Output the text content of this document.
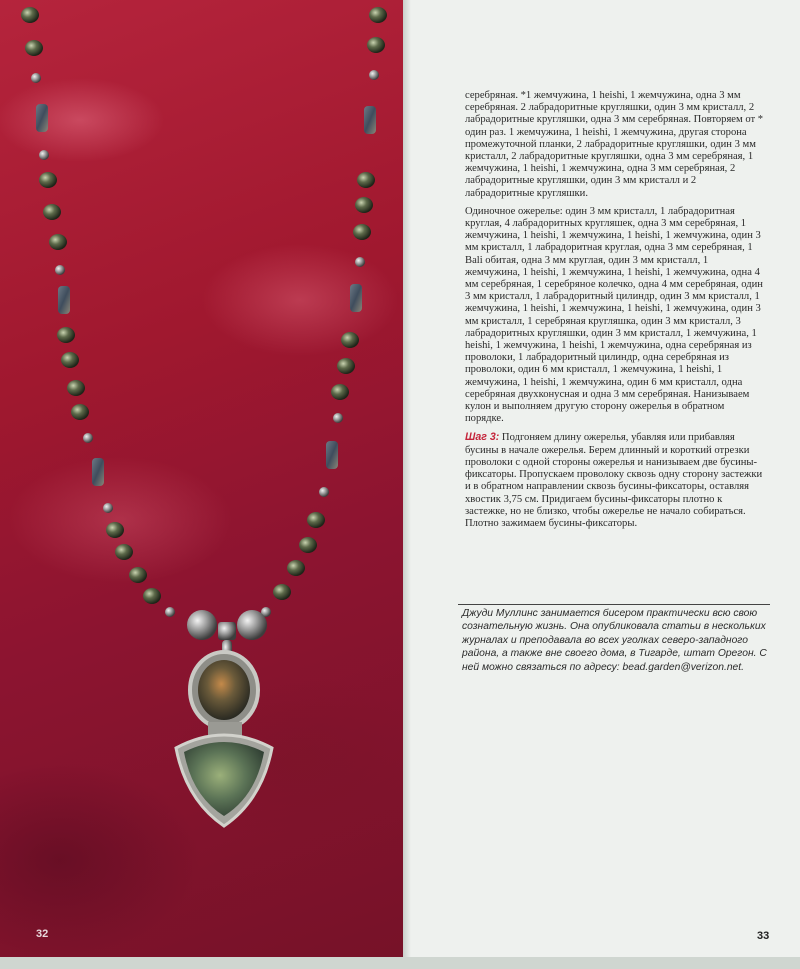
32

серебряная. *1 жемчужина, 1 heishi, 1 жемчужина, одна 3 мм серебряная. 2 лабрадоритные кругляшки, один 3 мм кристалл, 2 лабрадоритные кругляшки, одна 3 мм серебряная. Повторяем от * один раз. 1 жемчужина, 1 heishi, 1 жемчужина, другая сторона промежуточной планки, 2 лабрадоритные кругляшки, один 3 мм кристалл, 2 лабрадоритные кругляшки, одна 3 мм серебряная, 1 жемчужина, 1 heishi, 1 жемчужина, одна 3 мм серебряная, 2 лабрадоритные кругляшки, один 3 мм кристалл и 2 лабрадоритные кругляшки.

Одиночное ожерелье: один 3 мм кристалл, 1 лабрадоритная круглая, 4 лабрадоритных кругляшек, одна 3 мм серебряная, 1 жемчужина, 1 heishi, 1 жемчужина, 1 heishi, 1 жемчужина, один 3 мм кристалл, 1 лабрадоритная круглая, одна 3 мм серебряная, 1 Bali обитая, одна 3 мм круглая, один 3 мм кристалл, 1 жемчужина, 1 heishi, 1 жемчужина, 1 heishi, 1 жемчужина, одна 4 мм серебряная, 1 серебряное колечко, одна 4 мм серебряная, один 3 мм кристалл, 1 лабрадоритный цилиндр, один 3 мм кристалл, 1 жемчужина, 1 heishi, 1 жемчужина, 1 heishi, 1 жемчужина, один 3 мм кристалл, 1 серебряная кругляшка, один 3 мм кристалл, 3 лабрадоритных кругляшки, один 3 мм кристалл, 1 жемчужина, 1 heishi, 1 жемчужина, 1 heishi, 1 жемчужина, одна серебряная из проволоки, 1 лабрадоритный цилиндр, одна серебряная из проволоки, один 6 мм кристалл, 1 жемчужина, 1 heishi, 1 жемчужина, 1 heishi, 1 жемчужина, один 6 мм кристалл, одна серебряная двухконусная и одна 3 мм серебряная. Нанизываем кулон и выполняем другую сторону ожерелья в обратном порядке.

Шаг 3: Подгоняем длину ожерелья, убавляя или прибавляя бусины в начале ожерелья. Берем длинный и короткий отрезки проволоки с одной стороны ожерелья и нанизываем две бусины-фиксаторы. Пропускаем проволоку сквозь одну сторону застежки и в обратном направлении сквозь бусины-фиксаторы, оставляя хвостик 3,75 см. Придигаем бусины-фиксаторы плотно к застежке, но не близко, чтобы ожерелье не начало собираться. Плотно зажимаем бусины-фиксаторы.

Джуди Муллинс занимается бисером практически всю свою сознательную жизнь. Она опубликовала статьи в нескольких журналах и преподавала во всех уголках северо-западного района, а также вне своего дома, в Тигарде, штат Орегон. С ней можно связаться по адресу: bead.garden@verizon.net.
33
